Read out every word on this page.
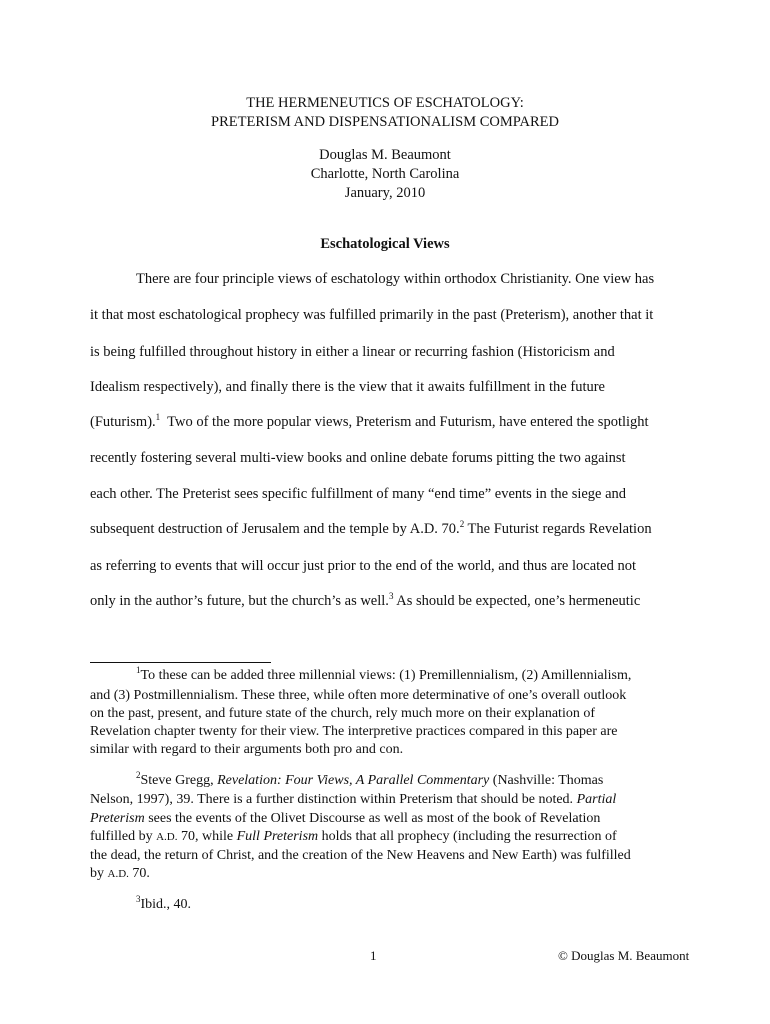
THE HERMENEUTICS OF ESCHATOLOGY:
PRETERISM AND DISPENSATIONALISM COMPARED
Douglas M. Beaumont
Charlotte, North Carolina
January, 2010
Eschatological Views
There are four principle views of eschatology within orthodox Christianity. One view has
it that most eschatological prophecy was fulfilled primarily in the past (Preterism), another that it
is being fulfilled throughout history in either a linear or recurring fashion (Historicism and
Idealism respectively), and finally there is the view that it awaits fulfillment in the future
(Futurism).$^1$  Two of the more popular views, Preterism and Futurism, have entered the spotlight
recently fostering several multi-view books and online debate forums pitting the two against
each other. The Preterist sees specific fulfillment of many “end time” events in the siege and
subsequent destruction of Jerusalem and the temple by A.D. 70.$^2$ The Futurist regards Revelation
as referring to events that will occur just prior to the end of the world, and thus are located not
only in the author’s future, but the church’s as well.$^3$ As should be expected, one’s hermeneutic
$^1$To these can be added three millennial views: (1) Premillennialism, (2) Amillennialism,
and (3) Postmillennialism. These three, while often more determinative of one’s overall outlook
on the past, present, and future state of the church, rely much more on their explanation of
Revelation chapter twenty for their view. The interpretive practices compared in this paper are
similar with regard to their arguments both pro and con.
$^2$Steve Gregg, Revelation: Four Views, A Parallel Commentary (Nashville: Thomas
Nelson, 1997), 39. There is a further distinction within Preterism that should be noted. Partial
Preterism sees the events of the Olivet Discourse as well as most of the book of Revelation
fulfilled by A.D. 70, while Full Preterism holds that all prophecy (including the resurrection of
the dead, the return of Christ, and the creation of the New Heavens and New Earth) was fulfilled
by A.D. 70.
$^3$Ibid., 40.
1	© Douglas M. Beaumont
